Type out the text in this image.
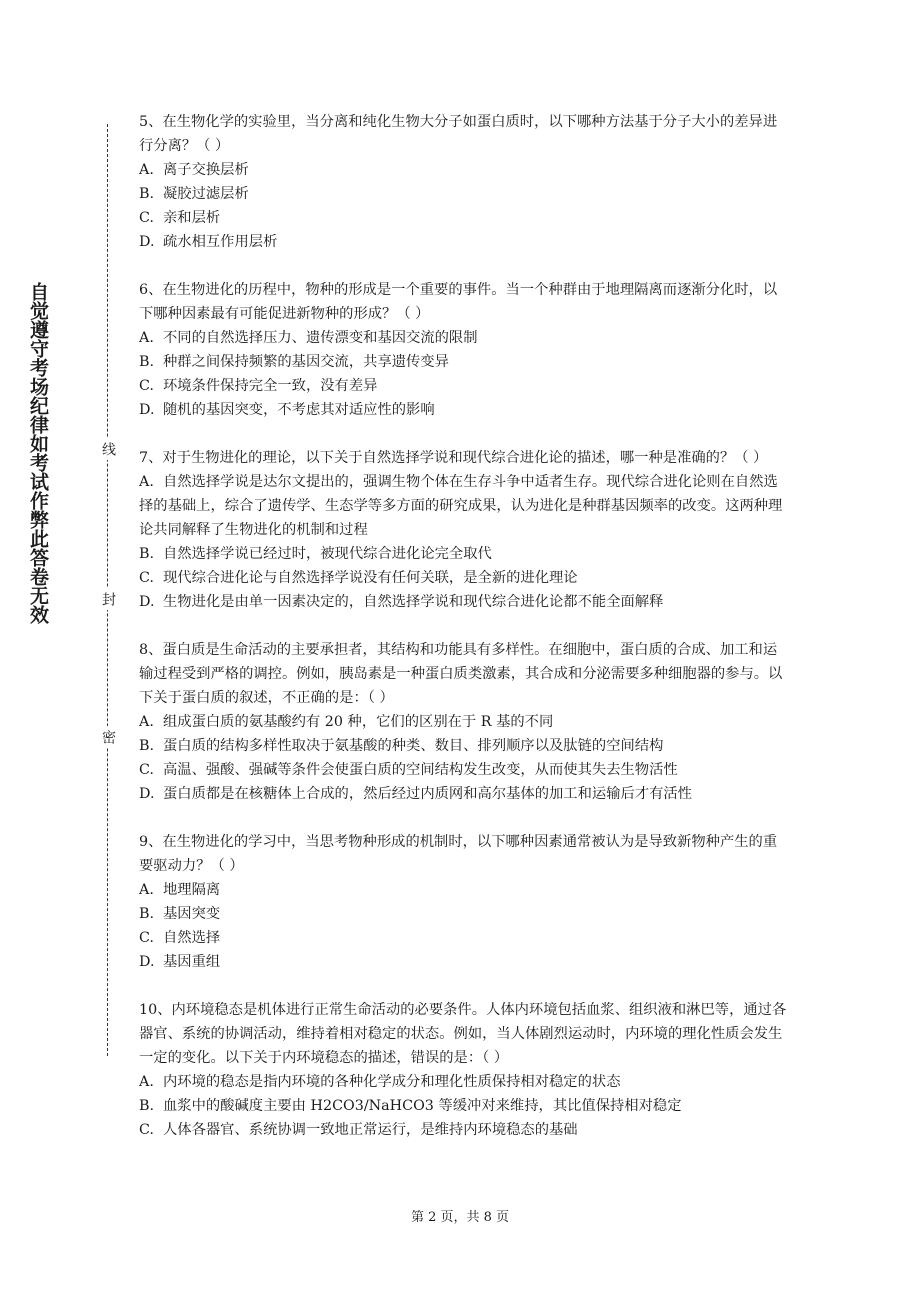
自觉遵守考场纪律如考试作弊此答卷无效	线
封
密

5、在生物化学的实验里，当分离和纯化生物大分子如蛋白质时，以下哪种方法基于分子大小的差异进行分离？（ ）

A. 离子交换层析

B. 凝胶过滤层析

C. 亲和层析

D. 疏水相互作用层析

6、在生物进化的历程中，物种的形成是一个重要的事件。当一个种群由于地理隔离而逐渐分化时，以下哪种因素最有可能促进新物种的形成？（ ）

A. 不同的自然选择压力、遗传漂变和基因交流的限制

B. 种群之间保持频繁的基因交流，共享遗传变异

C. 环境条件保持完全一致，没有差异

D. 随机的基因突变，不考虑其对适应性的影响

7、对于生物进化的理论，以下关于自然选择学说和现代综合进化论的描述，哪一种是准确的？（ ）

A. 自然选择学说是达尔文提出的，强调生物个体在生存斗争中适者生存。现代综合进化论则在自然选择的基础上，综合了遗传学、生态学等多方面的研究成果，认为进化是种群基因频率的改变。这两种理论共同解释了生物进化的机制和过程

B. 自然选择学说已经过时，被现代综合进化论完全取代

C. 现代综合进化论与自然选择学说没有任何关联，是全新的进化理论

D. 生物进化是由单一因素决定的，自然选择学说和现代综合进化论都不能全面解释

8、蛋白质是生命活动的主要承担者，其结构和功能具有多样性。在细胞中，蛋白质的合成、加工和运输过程受到严格的调控。例如，胰岛素是一种蛋白质类激素，其合成和分泌需要多种细胞器的参与。以下关于蛋白质的叙述，不正确的是：（ ）

A. 组成蛋白质的氨基酸约有 20 种，它们的区别在于 R 基的不同

B. 蛋白质的结构多样性取决于氨基酸的种类、数目、排列顺序以及肽链的空间结构

C. 高温、强酸、强碱等条件会使蛋白质的空间结构发生改变，从而使其失去生物活性

D. 蛋白质都是在核糖体上合成的，然后经过内质网和高尔基体的加工和运输后才有活性

9、在生物进化的学习中，当思考物种形成的机制时，以下哪种因素通常被认为是导致新物种产生的重要驱动力？（ ）

A. 地理隔离

B. 基因突变

C. 自然选择

D. 基因重组

10、内环境稳态是机体进行正常生命活动的必要条件。人体内环境包括血浆、组织液和淋巴等，通过各器官、系统的协调活动，维持着相对稳定的状态。例如，当人体剧烈运动时，内环境的理化性质会发生一定的变化。以下关于内环境稳态的描述，错误的是：（ ）

A. 内环境的稳态是指内环境的各种化学成分和理化性质保持相对稳定的状态

B. 血浆中的酸碱度主要由 H2CO3/NaHCO3 等缓冲对来维持，其比值保持相对稳定

C. 人体各器官、系统协调一致地正常运行，是维持内环境稳态的基础

第 2 页，共 8 页
